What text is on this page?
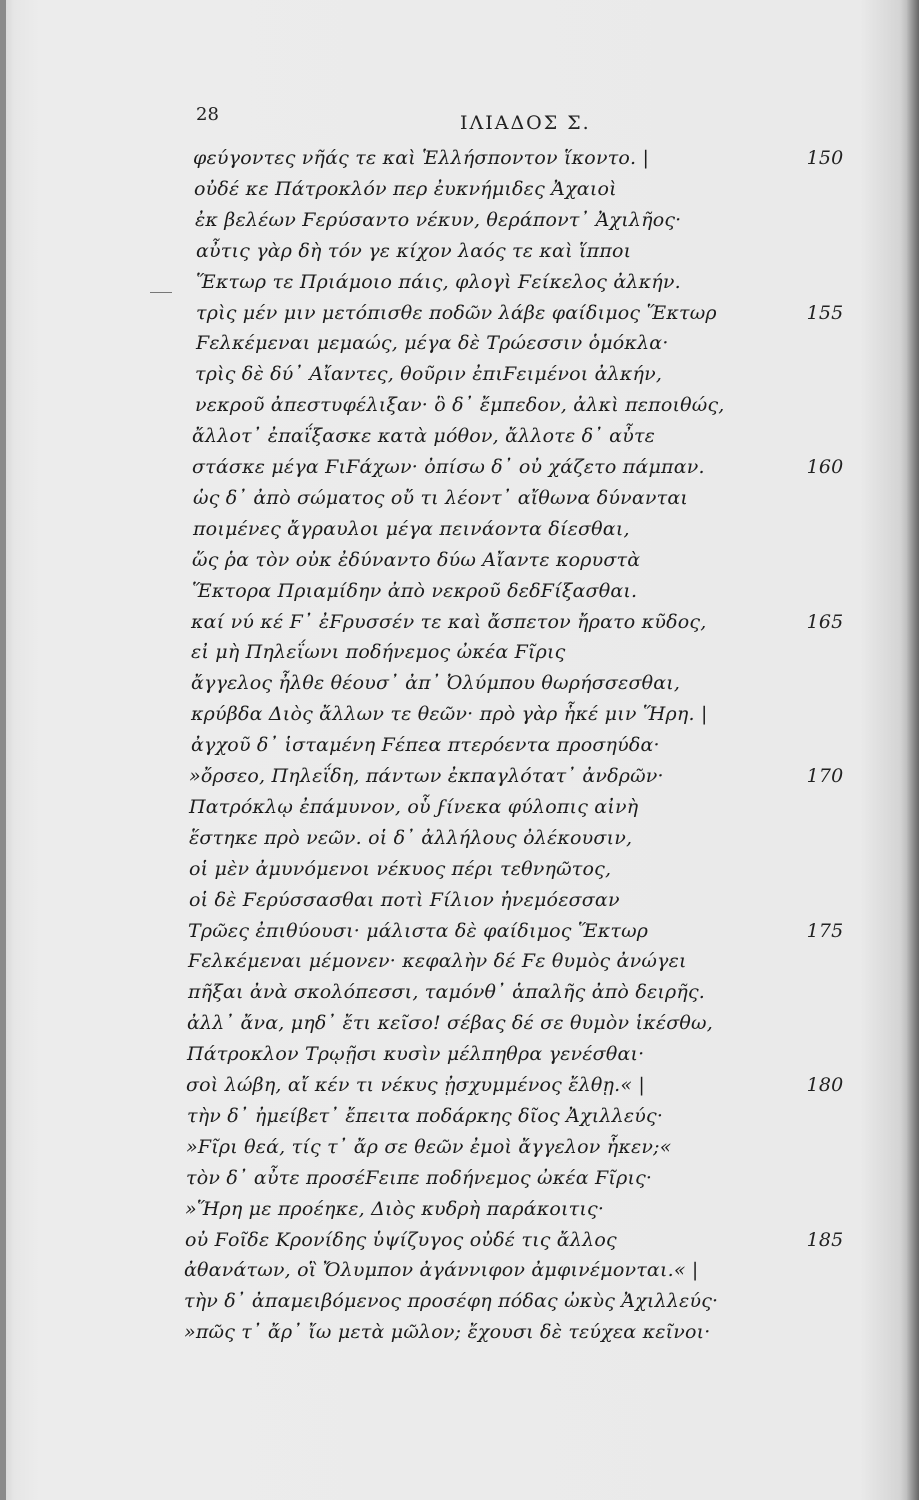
28	ΙΛΙΑΔΟΣ Σ.
φεύγοντες νῆάς τε καὶ Ἑλλήσποντον ἵκοντο. |	150
οὐδέ κε Πάτροκλόν περ ἐυκνήμιδες Ἀχαιοὶ
ἐκ βελέων Ϝερύσαντο νέκυν, θεράποντ᾽ Ἀχιλῆος·
αὖτις γὰρ δὴ τόν γε κίχον λαός τε καὶ ἵπποι
Ἕκτωρ τε Πριάμοιο πάις, φλογὶ Ϝείκελος ἀλκήν.
τρὶς μέν μιν μετόπισθε ποδῶν λάβε φαίδιμος Ἕκτωρ	155
Ϝελκέμεναι μεμαώς, μέγα δὲ Τρώεσσιν ὁμόκλα·
τρὶς δὲ δύ᾽ Αἴαντες, θοῦριν ἐπιϜειμένοι ἀλκήν,
νεκροῦ ἀπεστυφέλιξαν· ὃ δ᾽ ἔμπεδον, ἀλκὶ πεποιθώς,
ἄλλοτ᾽ ἐπαΐξασκε κατὰ μόθον, ἄλλοτε δ᾽ αὖτε
στάσκε μέγα ϜιϜάχων· ὀπίσω δ᾽ οὐ χάζετο πάμπαν.	160
ὡς δ᾽ ἀπὸ σώματος οὔ τι λέοντ᾽ αἴθωνα δύνανται
ποιμένες ἄγραυλοι μέγα πεινάοντα δίεσθαι,
ὥς ῥα τὸν οὐκ ἐδύναντο δύω Αἴαντε κορυστὰ
Ἕκτορα Πριαμίδην ἀπὸ νεκροῦ δεδϜίξασθαι.
καί νύ κέ Ϝ᾽ ἐϜρυσσέν τε καὶ ἄσπετον ἤρατο κῦδος,	165
εἰ μὴ Πηλεΐωνι ποδήνεμος ὠκέα Ϝῖρις
ἄγγελος ἦλθε θέουσ᾽ ἀπ᾽ Ὀλύμπου θωρήσσεσθαι,
κρύβδα Διὸς ἄλλων τε θεῶν· πρὸ γὰρ ἧκέ μιν Ἥρη. |
ἀγχοῦ δ᾽ ἱσταμένη Ϝέπεα πτερόεντα προσηύδα·
»ὄρσεο, Πηλεΐδη, πάντων ἐκπαγλότατ᾽ ἀνδρῶν·	170
Πατρόκλῳ ἐπάμυνον, οὗ ϝίνεκα φύλοπις αἰνὴ
ἕστηκε πρὸ νεῶν. οἱ δ᾽ ἀλλήλους ὀλέκουσιν,
οἱ μὲν ἀμυνόμενοι νέκυος πέρι τεθνηῶτος,
οἱ δὲ Ϝερύσσασθαι ποτὶ Ϝίλιον ἠνεμόεσσαν
Τρῶες ἐπιθύουσι· μάλιστα δὲ φαίδιμος Ἕκτωρ	175
Ϝελκέμεναι μέμονεν· κεφαλὴν δέ Ϝε θυμὸς ἀνώγει
πῆξαι ἀνὰ σκολόπεσσι, ταμόνθ᾽ ἁπαλῆς ἀπὸ δειρῆς.
ἀλλ᾽ ἄνα, μηδ᾽ ἔτι κεῖσο! σέβας δέ σε θυμὸν ἱκέσθω,
Πάτροκλον Τρῳῇσι κυσὶν μέλπηθρα γενέσθαι·
σοὶ λώβη, αἴ κέν τι νέκυς ᾐσχυμμένος ἔλθῃ.« |	180
τὴν δ᾽ ἠμείβετ᾽ ἔπειτα ποδάρκης δῖος Ἀχιλλεύς·
»Ϝῖρι θεά, τίς τ᾽ ἄρ σε θεῶν ἐμοὶ ἄγγελον ἧκεν;«
τὸν δ᾽ αὖτε προσέϜειπε ποδήνεμος ὠκέα Ϝῖρις·
»Ἥρη με προέηκε, Διὸς κυδρὴ παράκοιτις·
οὐ Ϝοῖδε Κρονίδης ὑψίζυγος οὐδέ τις ἄλλος	185
ἀθανάτων, οἳ Ὄλυμπον ἀγάννιφον ἀμφινέμονται.« |
τὴν δ᾽ ἀπαμειβόμενος προσέφη πόδας ὠκὺς Ἀχιλλεύς·
»πῶς τ᾽ ἄρ᾽ ἴω μετὰ μῶλον; ἔχουσι δὲ τεύχεα κεῖνοι·
